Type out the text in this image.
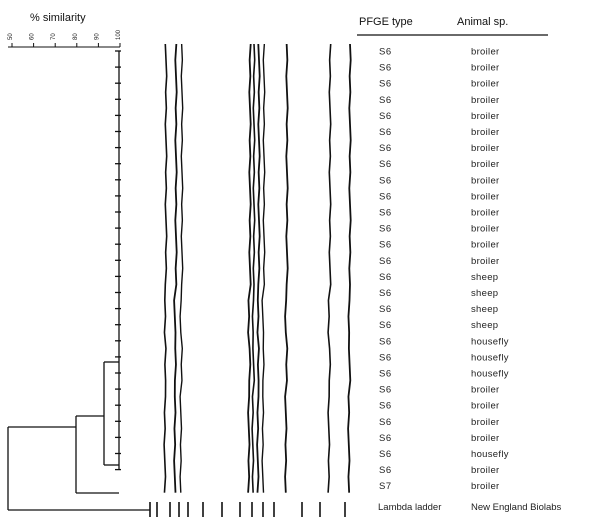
% similarity
50	60	70	80	90	100
PFGE type	Animal sp.
S6	broiler
S6	broiler
S6	broiler
S6	broiler
S6	broiler
S6	broiler
S6	broiler
S6	broiler
S6	broiler
S6	broiler
S6	broiler
S6	broiler
S6	broiler
S6	broiler
S6	sheep
S6	sheep
S6	sheep
S6	sheep
S6	housefly
S6	housefly
S6	housefly
S6	broiler
S6	broiler
S6	broiler
S6	broiler
S6	housefly
S6	broiler
S7	broiler
Lambda ladder	New England Biolabs
